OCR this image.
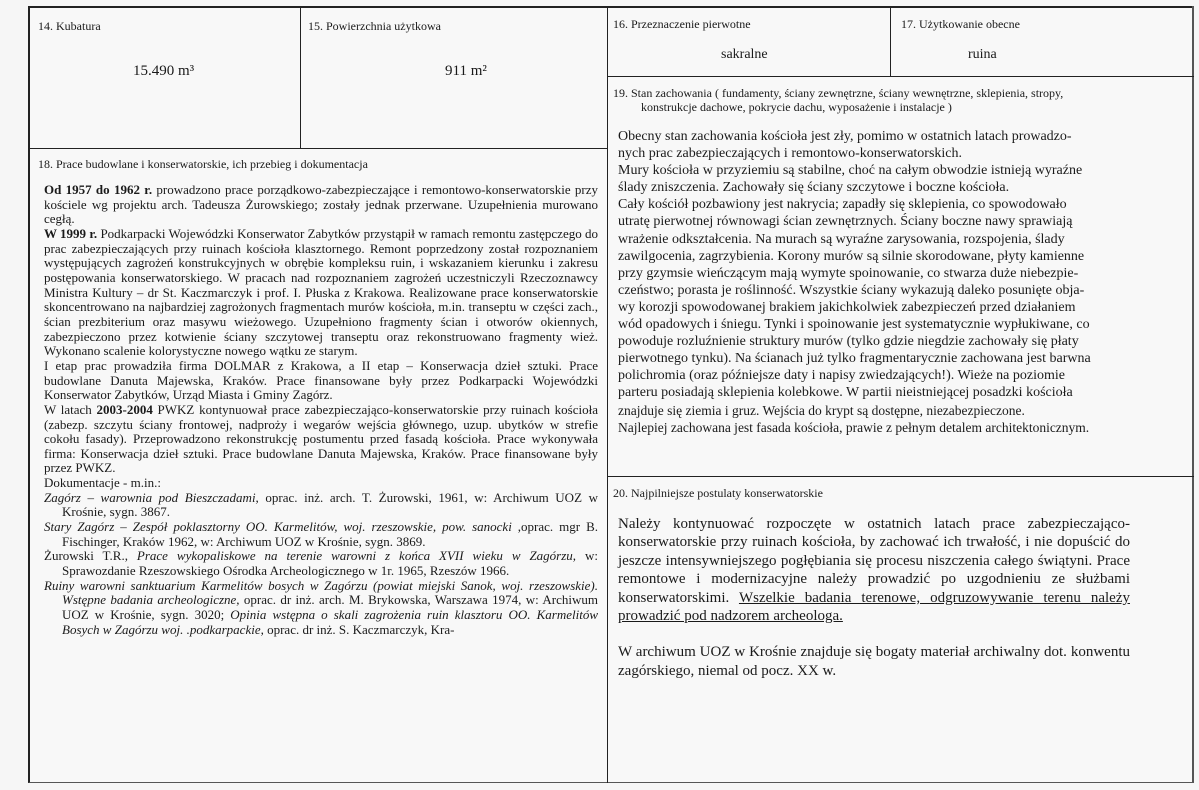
14. Kubatura
15.490 m³
15. Powierzchnia użytkowa
911 m²
16. Przeznaczenie pierwotne
sakralne
17. Użytkowanie obecne
ruina
19. Stan zachowania ( fundamenty, ściany zewnętrzne, ściany wewnętrzne, sklepienia, stropy,
konstrukcje dachowe, pokrycie dachu, wyposażenie i instalacje )
Obecny stan zachowania kościoła jest zły, pomimo w ostatnich latach prowadzo-
nych prac zabezpieczających i remontowo-konserwatorskich.
Mury kościoła w przyziemiu są stabilne, choć na całym obwodzie istnieją wyraźne
ślady zniszczenia. Zachowały się ściany szczytowe i boczne kościoła.
Cały kościół pozbawiony jest nakrycia; zapadły się sklepienia, co spowodowało
utratę pierwotnej równowagi ścian zewnętrznych. Ściany boczne nawy sprawiają
wrażenie odkształcenia. Na murach są wyraźne zarysowania, rozspojenia, ślady
zawilgocenia, zagrzybienia. Korony murów są silnie skorodowane, płyty kamienne
przy gzymsie wieńczącym mają wymyte spoinowanie, co stwarza duże niebezpie-
czeństwo; porasta je roślinność. Wszystkie ściany wykazują daleko posunięte obja-
wy korozji spowodowanej brakiem jakichkolwiek zabezpieczeń przed działaniem
wód opadowych i śniegu. Tynki i spoinowanie jest systematycznie wypłukiwane, co
powoduje rozluźnienie struktury murów (tylko gdzie niegdzie zachowały się płaty
pierwotnego tynku). Na ścianach już tylko fragmentarycznie zachowana jest barwna
polichromia (oraz późniejsze daty i napisy zwiedzających!). Wieże na poziomie
parteru posiadają sklepienia kolebkowe. W partii nieistniejącej posadzki kościoła
znajduje się ziemia i gruz. Wejścia do krypt są dostępne, niezabezpieczone.
Najlepiej zachowana jest fasada kościoła, prawie z pełnym detalem architektonicznym.
18. Prace budowlane i konserwatorskie, ich przebieg i dokumentacja

Od 1957 do 1962 r. prowadzono prace porządkowo-zabezpieczające i remontowo-konserwatorskie przy kościele wg projektu arch. Tadeusza Żurowskiego; zostały jednak przerwane. Uzupełnienia murowano cegłą.

W 1999 r. Podkarpacki Wojewódzki Konserwator Zabytków przystąpił w ramach remontu zastępczego do prac zabezpieczających przy ruinach kościoła klasztornego. Remont poprzedzony został rozpoznaniem występujących zagrożeń konstrukcyjnych w obrębie kompleksu ruin, i wskazaniem kierunku i zakresu postępowania konserwatorskiego. W pracach nad rozpoznaniem zagrożeń uczestniczyli Rzeczoznawcy Ministra Kultury – dr St. Kaczmarczyk i prof. I. Płuska z Krakowa. Realizowane prace konserwatorskie skoncentrowano na najbardziej zagrożonych fragmentach murów kościoła, m.in. transeptu w części zach., ścian prezbiterium oraz masywu wieżowego. Uzupełniono fragmenty ścian i otworów okiennych, zabezpieczono przez kotwienie ściany szczytowej transeptu oraz rekonstruowano fragmenty wież. Wykonano scalenie kolorystyczne nowego wątku ze starym.

I etap prac prowadziła firma DOLMAR z Krakowa, a II etap – Konserwacja dzieł sztuki. Prace budowlane Danuta Majewska, Kraków. Prace finansowane były przez Podkarpacki Wojewódzki Konserwator Zabytków, Urząd Miasta i Gminy Zagórz.

W latach 2003-2004 PWKZ kontynuował prace zabezpieczająco-konserwatorskie przy ruinach kościoła (zabezp. szczytu ściany frontowej, nadproży i wegarów wejścia głównego, uzup. ubytków w strefie cokołu fasady). Przeprowadzono rekonstrukcję postumentu przed fasadą kościoła. Prace wykonywała firma: Konserwacja dzieł sztuki. Prace budowlane Danuta Majewska, Kraków. Prace finansowane były przez PWKZ.

Dokumentacje - m.in.:

Zagórz – warownia pod Bieszczadami, oprac. inż. arch. T. Żurowski, 1961, w: Archiwum UOZ w Krośnie, sygn. 3867.

Stary Zagórz – Zespół poklasztorny OO. Karmelitów, woj. rzeszowskie, pow. sanocki ,oprac. mgr B. Fischinger, Kraków 1962, w: Archiwum UOZ w Krośnie, sygn. 3869.

Żurowski T.R., Prace wykopaliskowe na terenie warowni z końca XVII wieku w Zagórzu, w: Sprawozdanie Rzeszowskiego Ośrodka Archeologicznego w 1r. 1965, Rzeszów 1966.

Ruiny warowni sanktuarium Karmelitów bosych w Zagórzu (powiat miejski Sanok, woj. rzeszowskie). Wstępne badania archeologiczne, oprac. dr inż. arch. M. Brykowska, Warszawa 1974, w: Archiwum UOZ w Krośnie, sygn. 3020; Opinia wstępna o skali zagrożenia ruin klasztoru OO. Karmelitów Bosych w Zagórzu woj. .podkarpackie, oprac. dr inż. S. Kaczmarczyk, Kra-

20. Najpilniejsze postulaty konserwatorskie

Należy kontynuować rozpoczęte w ostatnich latach prace zabezpieczająco-konserwatorskie przy ruinach kościoła, by zachować ich trwałość, i nie dopuścić do jeszcze intensywniejszego pogłębiania się procesu niszczenia całego świątyni. Prace remontowe i modernizacyjne należy prowadzić po uzgodnieniu ze służbami konserwatorskimi. Wszelkie badania terenowe, odgruzowywanie terenu należy prowadzić pod nadzorem archeologa.

W archiwum UOZ w Krośnie znajduje się bogaty materiał archiwalny dot. konwentu zagórskiego, niemal od pocz. XX w.
